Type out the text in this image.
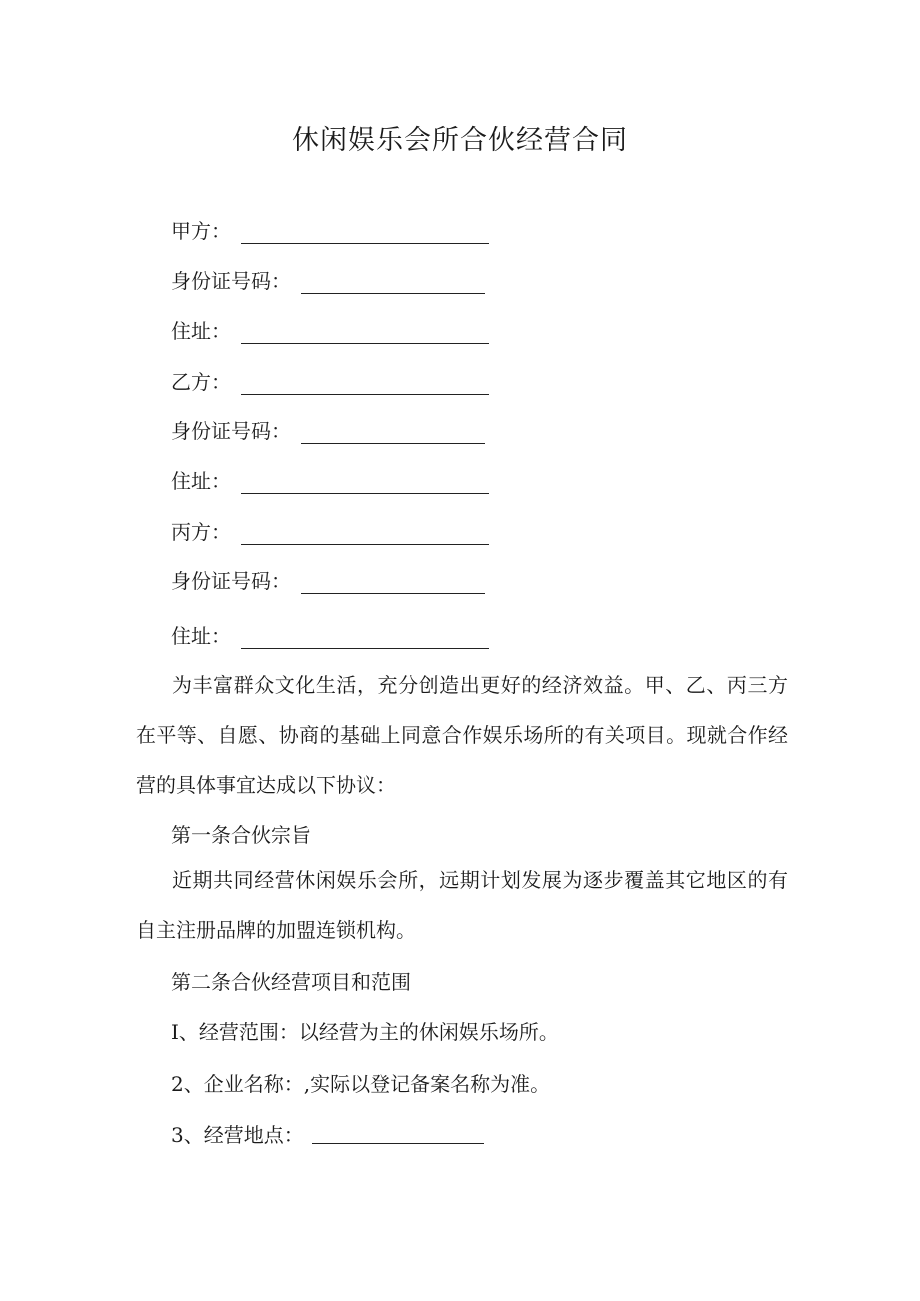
休闲娱乐会所合伙经营合同
甲方：
身份证号码：
住址：
乙方：
身份证号码：
住址：
丙方：
身份证号码：
住址：
为丰富群众文化生活，充分创造出更好的经济效益。甲、乙、丙三方在平等、自愿、协商的基础上同意合作娱乐场所的有关项目。现就合作经营的具体事宜达成以下协议：
第一条合伙宗旨
近期共同经营休闲娱乐会所，远期计划发展为逐步覆盖其它地区的有自主注册品牌的加盟连锁机构。
第二条合伙经营项目和范围
I、经营范围：以经营为主的休闲娱乐场所。
2、企业名称：,实际以登记备案名称为准。
3、经营地点：
